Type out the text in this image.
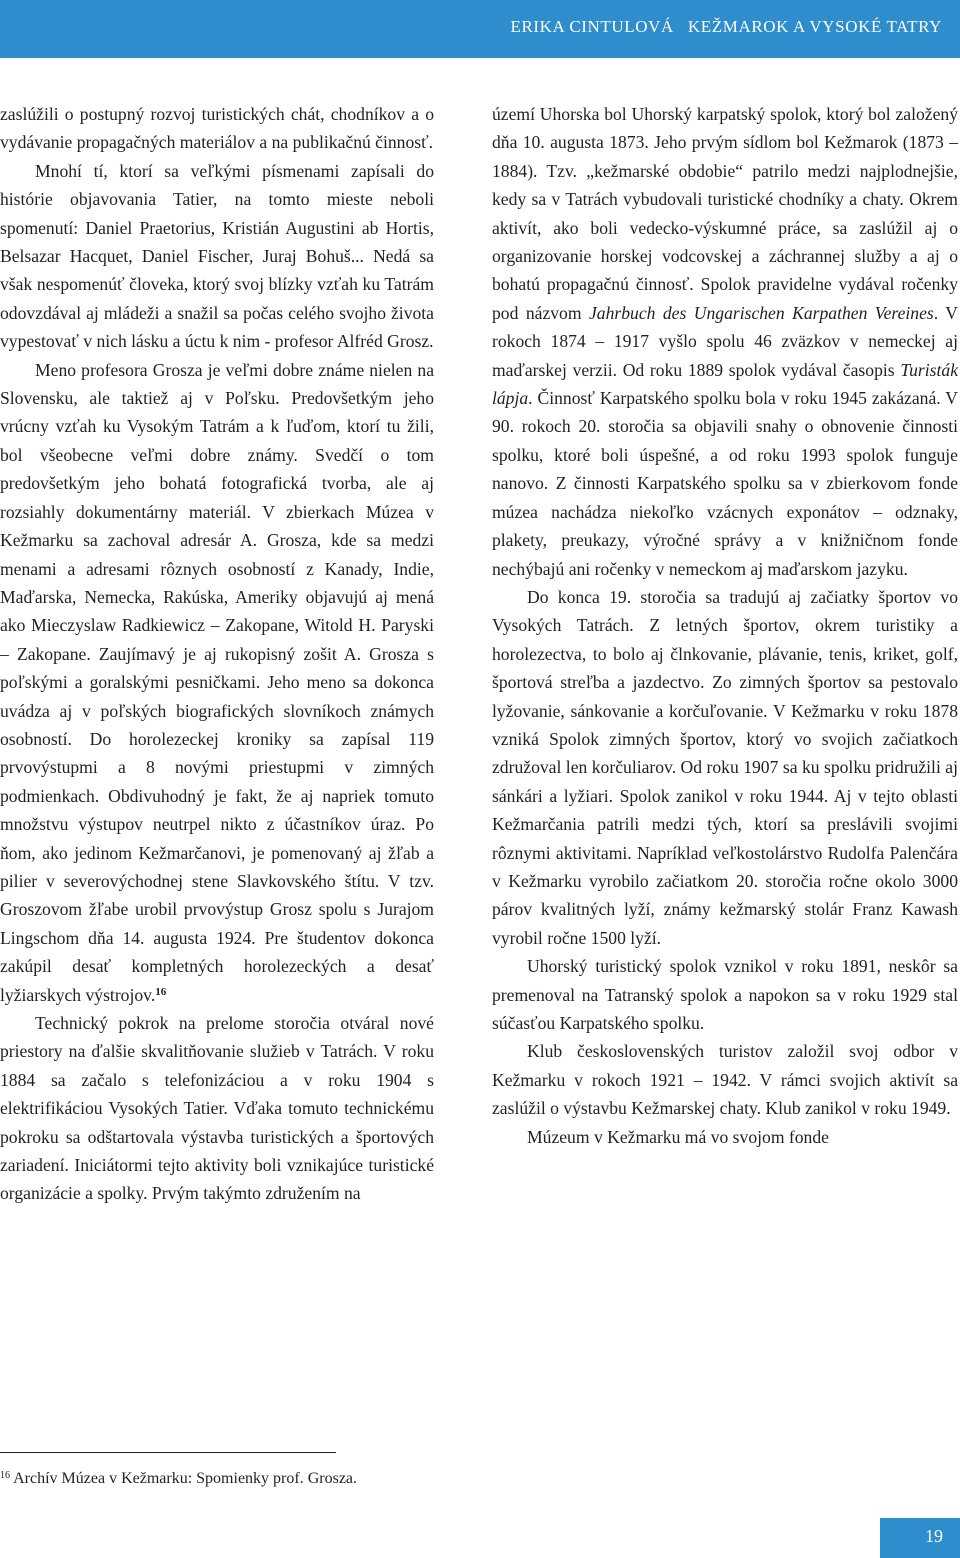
ERIKA CINTULOVÁ KEŽMAROK A VYSOKÉ TATRY

zaslúžili o postupný rozvoj turistických chát, chodníkov a o vydávanie propagačných materiálov a na publikačnú činnosť.

Mnohí tí, ktorí sa veľkými písmenami zapísali do histórie objavovania Tatier, na tomto mieste neboli spomenutí: Daniel Praetorius, Kristián Augustini ab Hortis, Belsazar Hacquet, Daniel Fischer, Juraj Bohuš... Nedá sa však nespomenúť človeka, ktorý svoj blízky vzťah ku Tatrám odovzdával aj mládeži a snažil sa počas celého svojho života vypestovať v nich lásku a úctu k nim - profesor Alfréd Grosz.

Meno profesora Grosza je veľmi dobre známe nielen na Slovensku, ale taktiež aj v Poľsku. Predovšetkým jeho vrúcny vzťah ku Vysokým Tatrám a k ľuďom, ktorí tu žili, bol všeobecne veľmi dobre známy. Svedčí o tom predovšetkým jeho bohatá fotografická tvorba, ale aj rozsiahly dokumentárny materiál. V zbierkach Múzea v Kežmarku sa zachoval adresár A. Grosza, kde sa medzi menami a adresami rôznych osobností z Kanady, Indie, Maďarska, Nemecka, Rakúska, Ameriky objavujú aj mená ako Mieczyslaw Radkiewicz – Zakopane, Witold H. Paryski – Zakopane. Zaujímavý je aj rukopisný zošit A. Grosza s poľskými a goralskými pesničkami. Jeho meno sa dokonca uvádza aj v poľských biografických slovníkoch známych osobností. Do horolezeckej kroniky sa zapísal 119 prvovýstupmi a 8 novými priestupmi v zimných podmienkach. Obdivuhodný je fakt, že aj napriek tomuto množstvu výstupov neutrpel nikto z účastníkov úraz. Po ňom, ako jedinom Kežmarčanovi, je pomenovaný aj žľab a pilier v severovýchodnej stene Slavkovského štítu. V tzv. Groszovom žľabe urobil prvovýstup Grosz spolu s Jurajom Lingschom dňa 14. augusta 1924. Pre študentov dokonca zakúpil desať kompletných horolezeckých a desať lyžiarskych výstrojov.$^{16}$

Technický pokrok na prelome storočia otváral nové priestory na ďalšie skvalitňovanie služieb v Tatrách. V roku 1884 sa začalo s telefonizáciou a v roku 1904 s elektrifikáciou Vysokých Tatier. Vďaka tomuto technickému pokroku sa odštartovala výstavba turistických a športových zariadení. Iniciátormi tejto aktivity boli vznikajúce turistické organizácie a spolky. Prvým takýmto združením na

území Uhorska bol Uhorský karpatský spolok, ktorý bol založený dňa 10. augusta 1873. Jeho prvým sídlom bol Kežmarok (1873 – 1884). Tzv. „kežmarské obdobie“ patrilo medzi najplodnejšie, kedy sa v Tatrách vybudovali turistické chodníky a chaty. Okrem aktivít, ako boli vedecko-výskumné práce, sa zaslúžil aj o organizovanie horskej vodcovskej a záchrannej služby a aj o bohatú propagačnú činnosť. Spolok pravidelne vydával ročenky pod názvom Jahrbuch des Ungarischen Karpathen Vereines. V rokoch 1874 – 1917 vyšlo spolu 46 zväzkov v nemeckej aj maďarskej verzii. Od roku 1889 spolok vydával časopis Turisták lápja. Činnosť Karpatského spolku bola v roku 1945 zakázaná. V 90. rokoch 20. storočia sa objavili snahy o obnovenie činnosti spolku, ktoré boli úspešné, a od roku 1993 spolok funguje nanovo. Z činnosti Karpatského spolku sa v zbierkovom fonde múzea nachádza niekoľko vzácnych exponátov – odznaky, plakety, preukazy, výročné správy a v knižničnom fonde nechýbajú ani ročenky v nemeckom aj maďarskom jazyku.

Do konca 19. storočia sa tradujú aj začiatky športov vo Vysokých Tatrách. Z letných športov, okrem turistiky a horolezectva, to bolo aj člnkovanie, plávanie, tenis, kriket, golf, športová streľba a jazdectvo. Zo zimných športov sa pestovalo lyžovanie, sánkovanie a korčuľovanie. V Kežmarku v roku 1878 vzniká Spolok zimných športov, ktorý vo svojich začiatkoch združoval len korčuliarov. Od roku 1907 sa ku spolku pridružili aj sánkári a lyžiari. Spolok zanikol v roku 1944. Aj v tejto oblasti Kežmarčania patrili medzi tých, ktorí sa preslávili svojimi rôznymi aktivitami. Napríklad veľkostolárstvo Rudolfa Palenčára v Kežmarku vyrobilo začiatkom 20. storočia ročne okolo 3000 párov kvalitných lyží, známy kežmarský stolár Franz Kawash vyrobil ročne 1500 lyží.

Uhorský turistický spolok vznikol v roku 1891, neskôr sa premenoval na Tatranský spolok a napokon sa v roku 1929 stal súčasťou Karpatského spolku.

Klub československých turistov založil svoj odbor v Kežmarku v rokoch 1921 – 1942. V rámci svojich aktivít sa zaslúžil o výstavbu Kežmarskej chaty. Klub zanikol v roku 1949.

Múzeum v Kežmarku má vo svojom fonde

$^{16}$ Archív Múzea v Kežmarku: Spomienky prof. Grosza.
19
